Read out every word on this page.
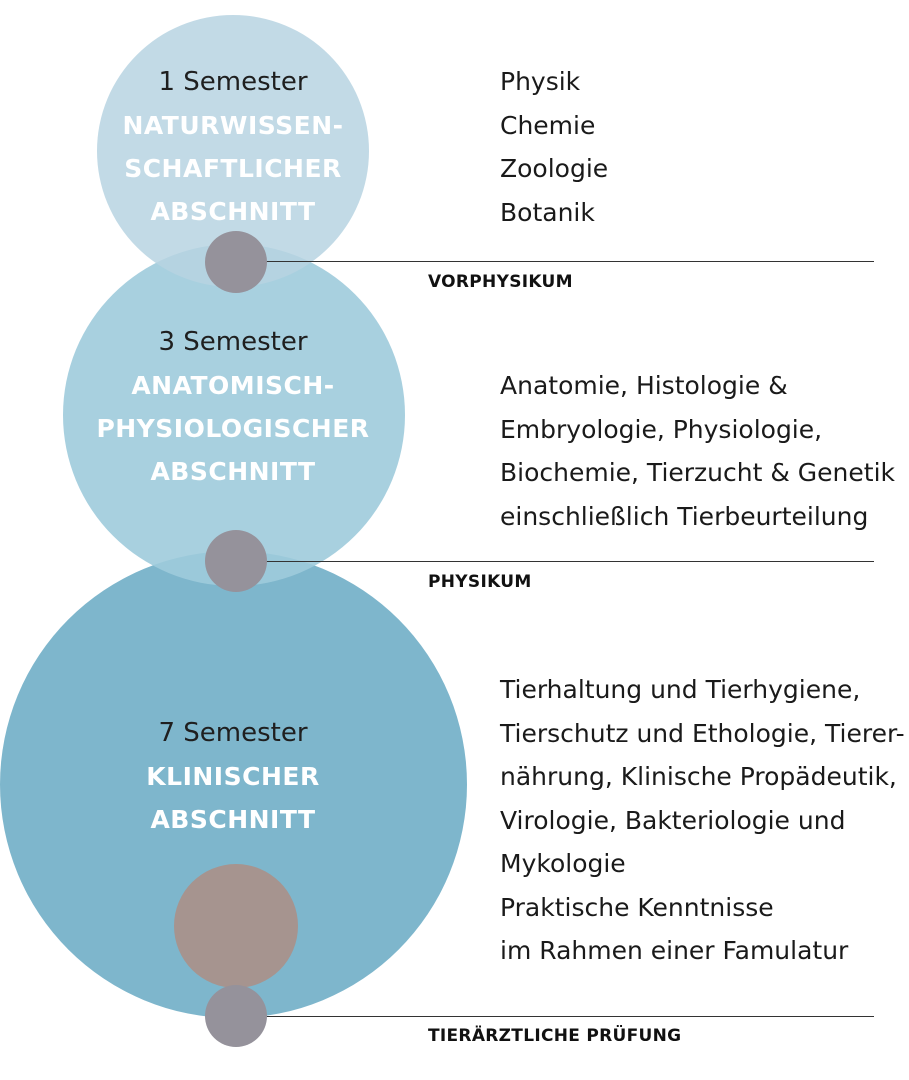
1 Semester
NATURWISSEN-
SCHAFTLICHER
ABSCHNITT
3 Semester
ANATOMISCH-
PHYSIOLOGISCHER
ABSCHNITT
7 Semester
KLINISCHER
ABSCHNITT
Physik
Chemie
Zoologie
Botanik
Anatomie, Histologie &
Embryologie, Physiologie,
Biochemie, Tierzucht & Genetik
einschließlich Tierbeurteilung
Tierhaltung und Tierhygiene,
Tierschutz und Ethologie, Tierer-
nährung, Klinische Propädeutik,
Virologie, Bakteriologie und
Mykologie
Praktische Kenntnisse
im Rahmen einer Famulatur
VORPHYSIKUM
PHYSIKUM
TIERÄRZTLICHE PRÜFUNG
